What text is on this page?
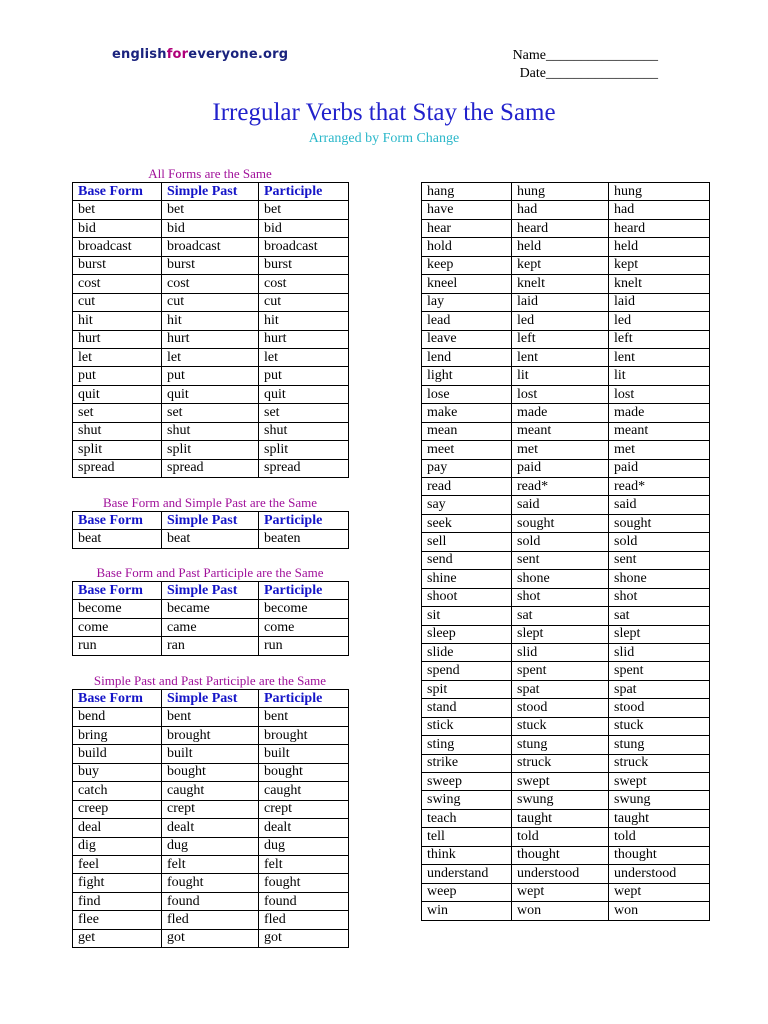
englishforeveryone.org	Name________________
Date________________
Irregular Verbs that Stay the Same
Arranged by Form Change
All Forms are the Same
Base Form	Simple Past	Participle
bet	bet	bet
bid	bid	bid
broadcast	broadcast	broadcast
burst	burst	burst
cost	cost	cost
cut	cut	cut
hit	hit	hit
hurt	hurt	hurt
let	let	let
put	put	put
quit	quit	quit
set	set	set
shut	shut	shut
split	split	split
spread	spread	spread
Base Form and Simple Past are the Same
Base Form	Simple Past	Participle
beat	beat	beaten
Base Form and Past Participle are the Same
Base Form	Simple Past	Participle
become	became	become
come	came	come
run	ran	run
Simple Past and Past Participle are the Same
Base Form	Simple Past	Participle
bend	bent	bent
bring	brought	brought
build	built	built
buy	bought	bought
catch	caught	caught
creep	crept	crept
deal	dealt	dealt
dig	dug	dug
feel	felt	felt
fight	fought	fought
find	found	found
flee	fled	fled
get	got	got
hang	hung	hung
have	had	had
hear	heard	heard
hold	held	held
keep	kept	kept
kneel	knelt	knelt
lay	laid	laid
lead	led	led
leave	left	left
lend	lent	lent
light	lit	lit
lose	lost	lost
make	made	made
mean	meant	meant
meet	met	met
pay	paid	paid
read	read*	read*
say	said	said
seek	sought	sought
sell	sold	sold
send	sent	sent
shine	shone	shone
shoot	shot	shot
sit	sat	sat
sleep	slept	slept
slide	slid	slid
spend	spent	spent
spit	spat	spat
stand	stood	stood
stick	stuck	stuck
sting	stung	stung
strike	struck	struck
sweep	swept	swept
swing	swung	swung
teach	taught	taught
tell	told	told
think	thought	thought
understand	understood	understood
weep	wept	wept
win	won	won
